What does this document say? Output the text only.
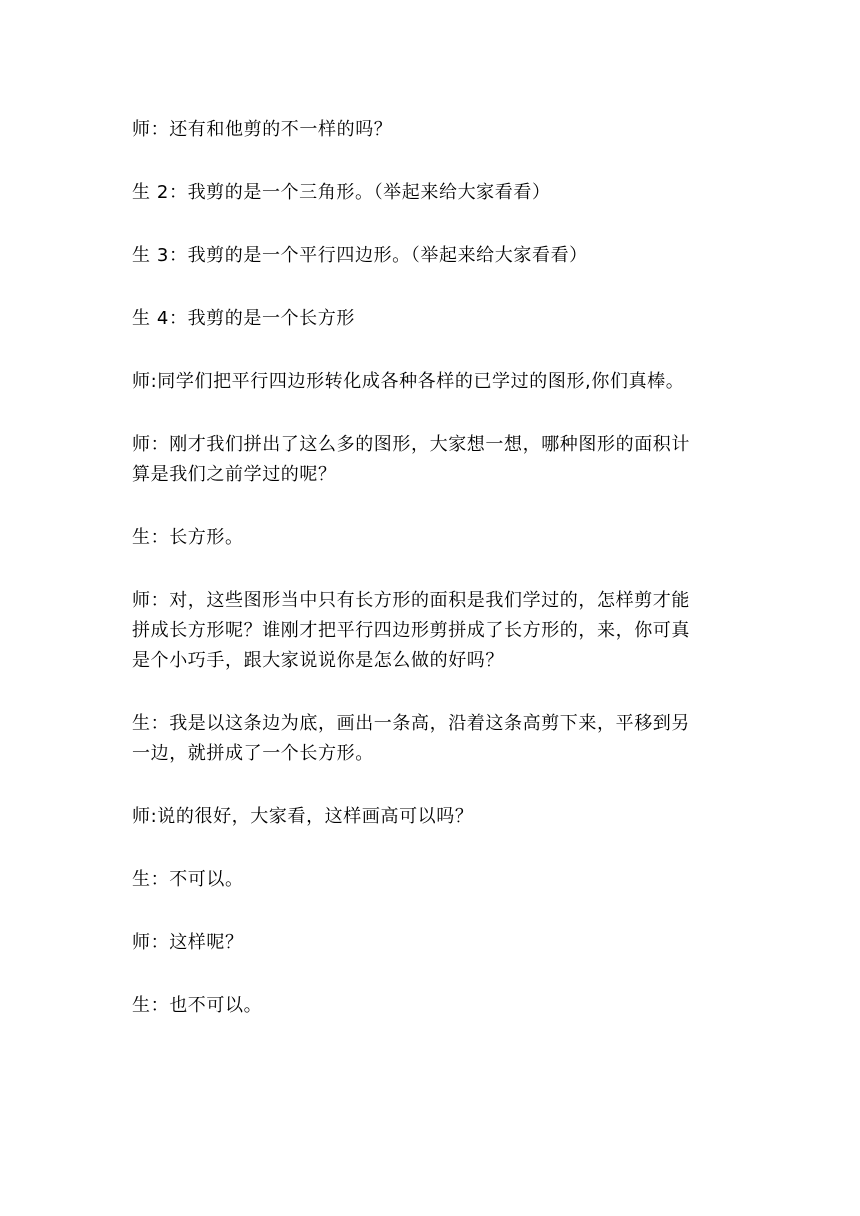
师：还有和他剪的不一样的吗？

生 2：我剪的是一个三角形。（举起来给大家看看）

生 3：我剪的是一个平行四边形。（举起来给大家看看）

生 4：我剪的是一个长方形

师:同学们把平行四边形转化成各种各样的已学过的图形,你们真棒。

师：刚才我们拼出了这么多的图形，大家想一想，哪种图形的面积计
算是我们之前学过的呢？

生：长方形。

师：对，这些图形当中只有长方形的面积是我们学过的，怎样剪才能
拼成长方形呢？谁刚才把平行四边形剪拼成了长方形的，来，你可真
是个小巧手，跟大家说说你是怎么做的好吗？

生：我是以这条边为底，画出一条高，沿着这条高剪下来，平移到另
一边，就拼成了一个长方形。

师:说的很好，大家看，这样画高可以吗？

生：不可以。

师：这样呢？

生：也不可以。
